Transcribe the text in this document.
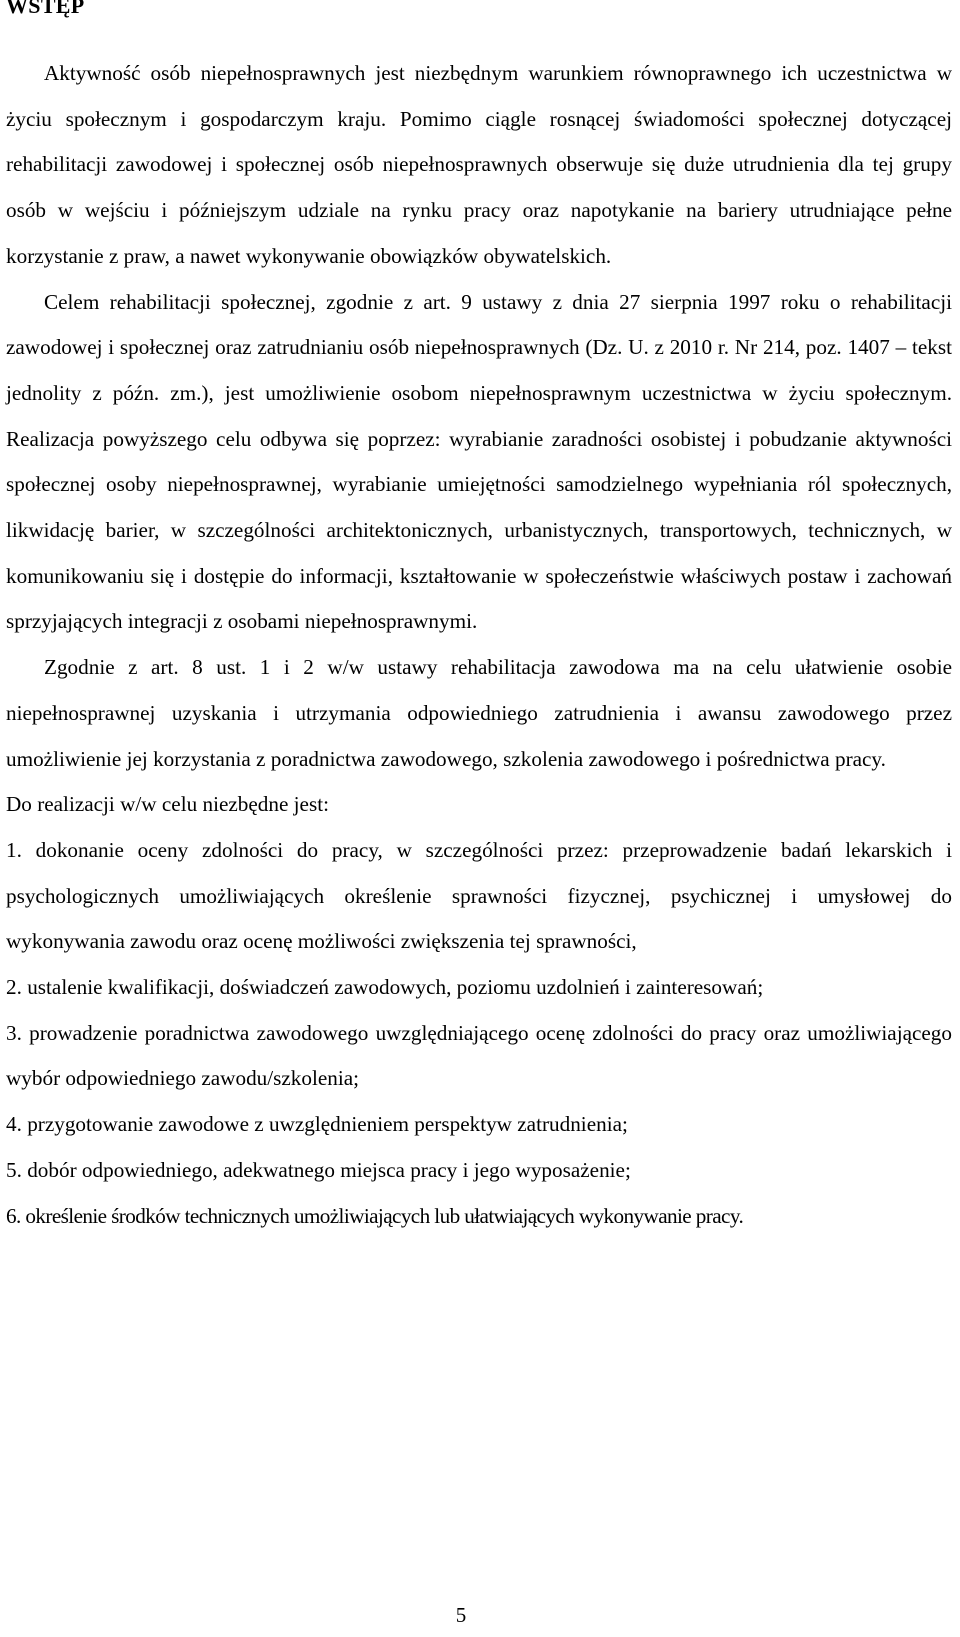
WSTĘP

Aktywność osób niepełnosprawnych jest niezbędnym warunkiem równoprawnego ich uczestnictwa w życiu społecznym i gospodarczym kraju. Pomimo ciągle rosnącej świadomości społecznej dotyczącej rehabilitacji zawodowej i społecznej osób niepełnosprawnych obserwuje się duże utrudnienia dla tej grupy osób w wejściu i późniejszym udziale na rynku pracy oraz napotykanie na bariery utrudniające pełne korzystanie z praw, a nawet wykonywanie obowiązków obywatelskich.

Celem rehabilitacji społecznej, zgodnie z art. 9 ustawy z dnia 27 sierpnia 1997 roku o rehabilitacji zawodowej i społecznej oraz zatrudnianiu osób niepełnosprawnych (Dz. U. z 2010 r. Nr 214, poz. 1407 – tekst jednolity z późn. zm.), jest umożliwienie osobom niepełnosprawnym uczestnictwa w życiu społecznym. Realizacja powyższego celu odbywa się poprzez: wyrabianie zaradności osobistej i pobudzanie aktywności społecznej osoby niepełnosprawnej, wyrabianie umiejętności samodzielnego wypełniania ról społecznych, likwidację barier, w szczególności architektonicznych, urbanistycznych, transportowych, technicznych, w komunikowaniu się i dostępie do informacji, kształtowanie w społeczeństwie właściwych postaw i zachowań sprzyjających integracji z osobami niepełnosprawnymi.

Zgodnie z art. 8 ust. 1 i 2 w/w ustawy rehabilitacja zawodowa ma na celu ułatwienie osobie niepełnosprawnej uzyskania i utrzymania odpowiedniego zatrudnienia i awansu zawodowego przez umożliwienie jej korzystania z poradnictwa zawodowego, szkolenia zawodowego i pośrednictwa pracy.

Do realizacji w/w celu niezbędne jest:

1. dokonanie oceny zdolności do pracy, w szczególności przez: przeprowadzenie badań lekarskich i psychologicznych umożliwiających określenie sprawności fizycznej, psychicznej i umysłowej do wykonywania zawodu oraz ocenę możliwości zwiększenia tej sprawności,

2. ustalenie kwalifikacji, doświadczeń zawodowych, poziomu uzdolnień i zainteresowań;

3. prowadzenie poradnictwa zawodowego uwzględniającego ocenę zdolności do pracy oraz umożliwiającego wybór odpowiedniego zawodu/szkolenia;

4. przygotowanie zawodowe z uwzględnieniem perspektyw zatrudnienia;

5. dobór odpowiedniego, adekwatnego miejsca pracy i jego wyposażenie;

6. określenie środków technicznych umożliwiających lub ułatwiających wykonywanie pracy.

5
